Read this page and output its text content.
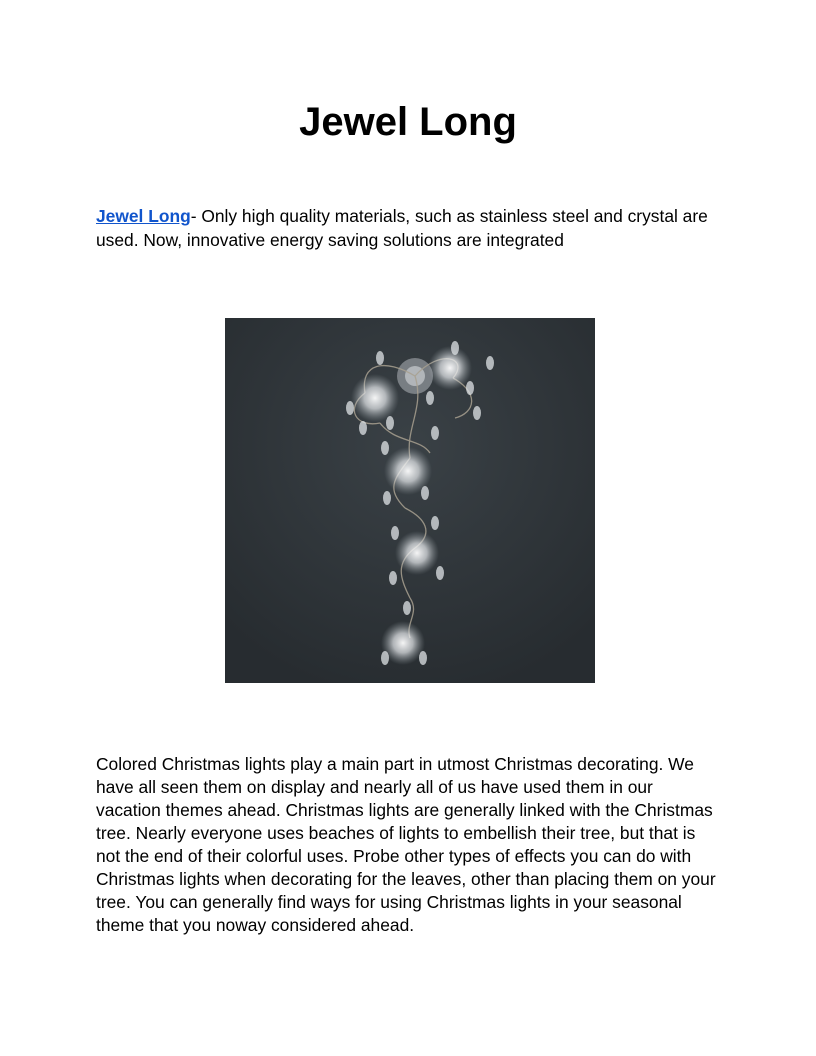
Jewel Long

Jewel Long- Only high quality materials, such as stainless steel and crystal are used. Now, innovative energy saving solutions are integrated

Colored Christmas lights play a main part in utmost Christmas decorating. We have all seen them on display and nearly all of us have used them in our vacation themes ahead. Christmas lights are generally linked with the Christmas tree. Nearly everyone uses beaches of lights to embellish their tree, but that is not the end of their colorful uses. Probe other types of effects you can do with Christmas lights when decorating for the leaves, other than placing them on your tree. You can generally find ways for using Christmas lights in your seasonal theme that you noway considered ahead.
